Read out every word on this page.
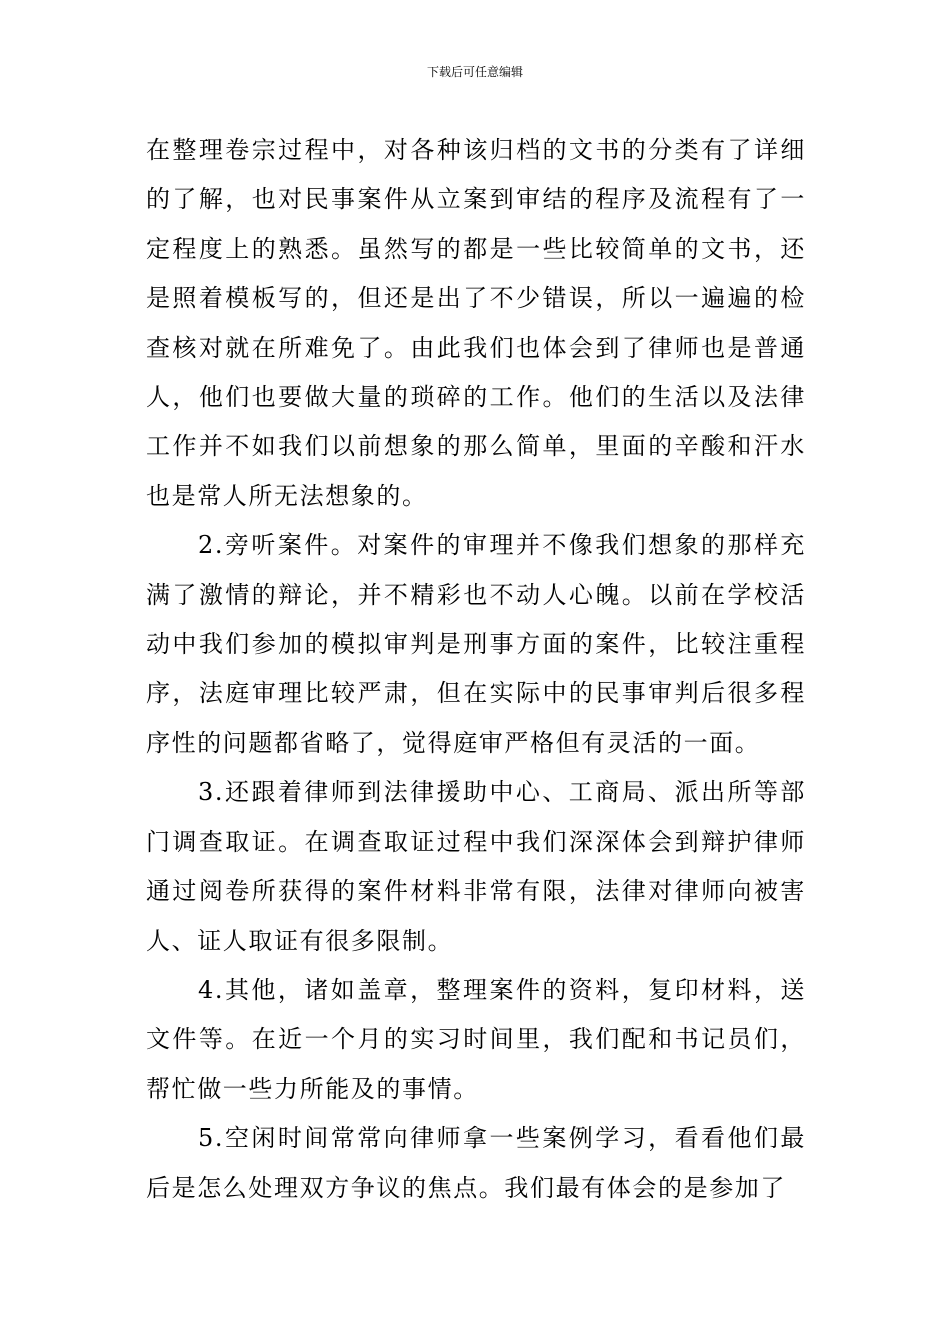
下载后可任意编辑

在整理卷宗过程中，对各种该归档的文书的分类有了详细的了解，也对民事案件从立案到审结的程序及流程有了一定程度上的熟悉。虽然写的都是一些比较简单的文书，还是照着模板写的，但还是出了不少错误，所以一遍遍的检查核对就在所难免了。由此我们也体会到了律师也是普通人，他们也要做大量的琐碎的工作。他们的生活以及法律工作并不如我们以前想象的那么简单，里面的辛酸和汗水也是常人所无法想象的。

2.旁听案件。对案件的审理并不像我们想象的那样充满了激情的辩论，并不精彩也不动人心魄。以前在学校活动中我们参加的模拟审判是刑事方面的案件，比较注重程序，法庭审理比较严肃，但在实际中的民事审判后很多程序性的问题都省略了，觉得庭审严格但有灵活的一面。

3.还跟着律师到法律援助中心、工商局、派出所等部门调查取证。在调查取证过程中我们深深体会到辩护律师通过阅卷所获得的案件材料非常有限，法律对律师向被害人、证人取证有很多限制。

4.其他，诸如盖章，整理案件的资料，复印材料，送文件等。在近一个月的实习时间里，我们配和书记员们，帮忙做一些力所能及的事情。

5.空闲时间常常向律师拿一些案例学习，看看他们最后是怎么处理双方争议的焦点。我们最有体会的是参加了
